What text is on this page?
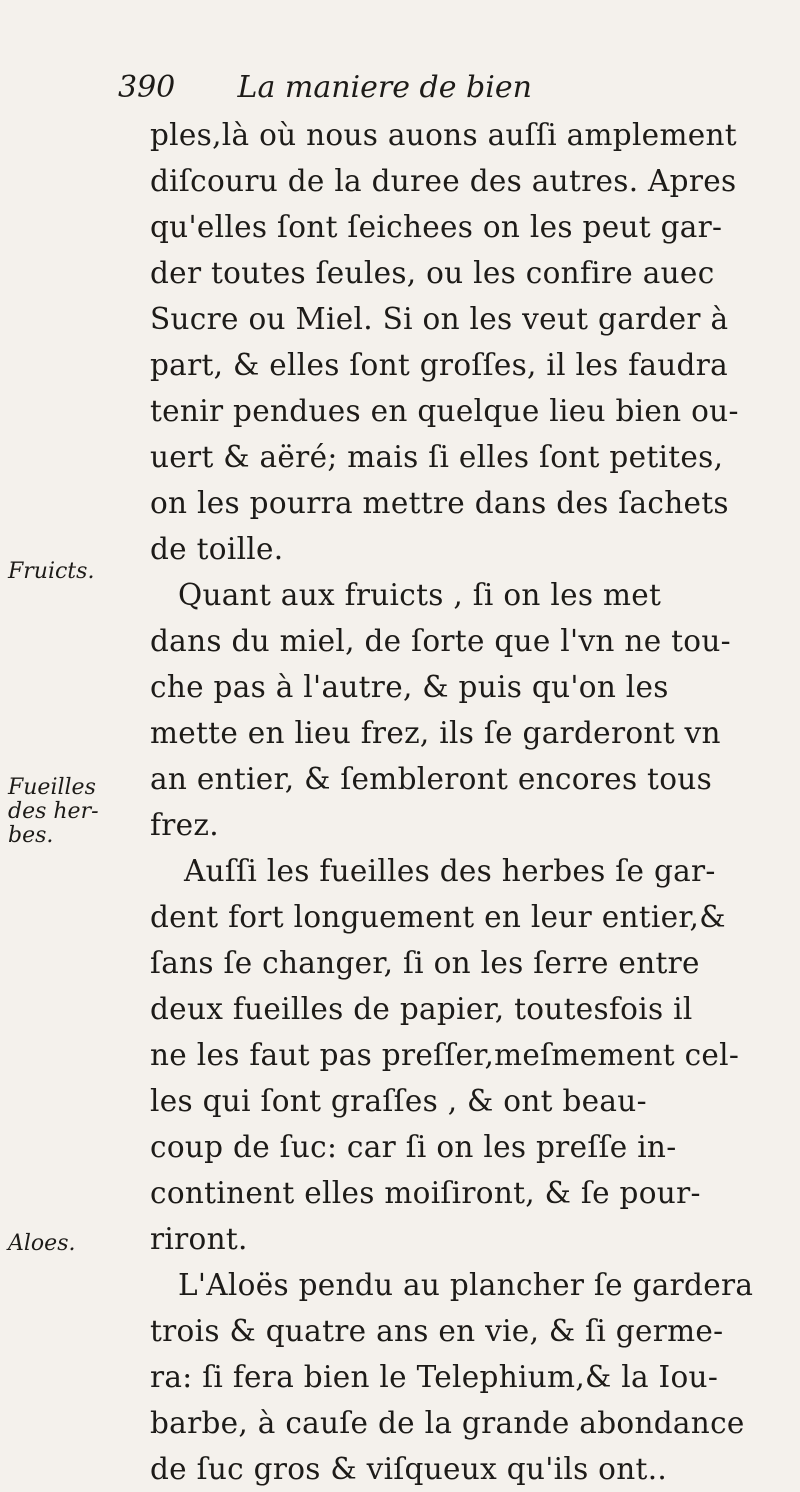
390 La maniere de bien
Fruicts.
Fueilles
des her-
bes.
Aloes.
ples,là où nous auons auſſi amplement
diſcouru de la duree des autres. Apres
qu'elles ſont ſeichees on les peut gar-
der toutes ſeules, ou les confire auec
Sucre ou Miel. Si on les veut garder à
part, & elles ſont groſſes, il les faudra
tenir pendues en quelque lieu bien ou-
uert & aëré; mais ſi elles ſont petites,
on les pourra mettre dans des ſachets
de toille.
Quant aux fruicts , ſi on les met
dans du miel, de ſorte que l'vn ne tou-
che pas à l'autre, & puis qu'on les
mette en lieu frez, ils ſe garderont vn
an entier, & ſembleront encores tous
frez.
Auſſi les fueilles des herbes ſe gar-
dent fort longuement en leur entier,&
ſans ſe changer, ſi on les ſerre entre
deux fueilles de papier, toutesfois il
ne les faut pas preſſer,meſmement cel-
les qui ſont graſſes , & ont beau-
coup de ſuc: car ſi on les preſſe in-
continent elles moiſiront, & ſe pour-
riront.
L'Aloës pendu au plancher ſe gardera
trois & quatre ans en vie, & ſi germe-
ra: ſi fera bien le Telephium,& la Iou-
barbe, à cauſe de la grande abondance
de ſuc gros & viſqueux qu'ils ont..
